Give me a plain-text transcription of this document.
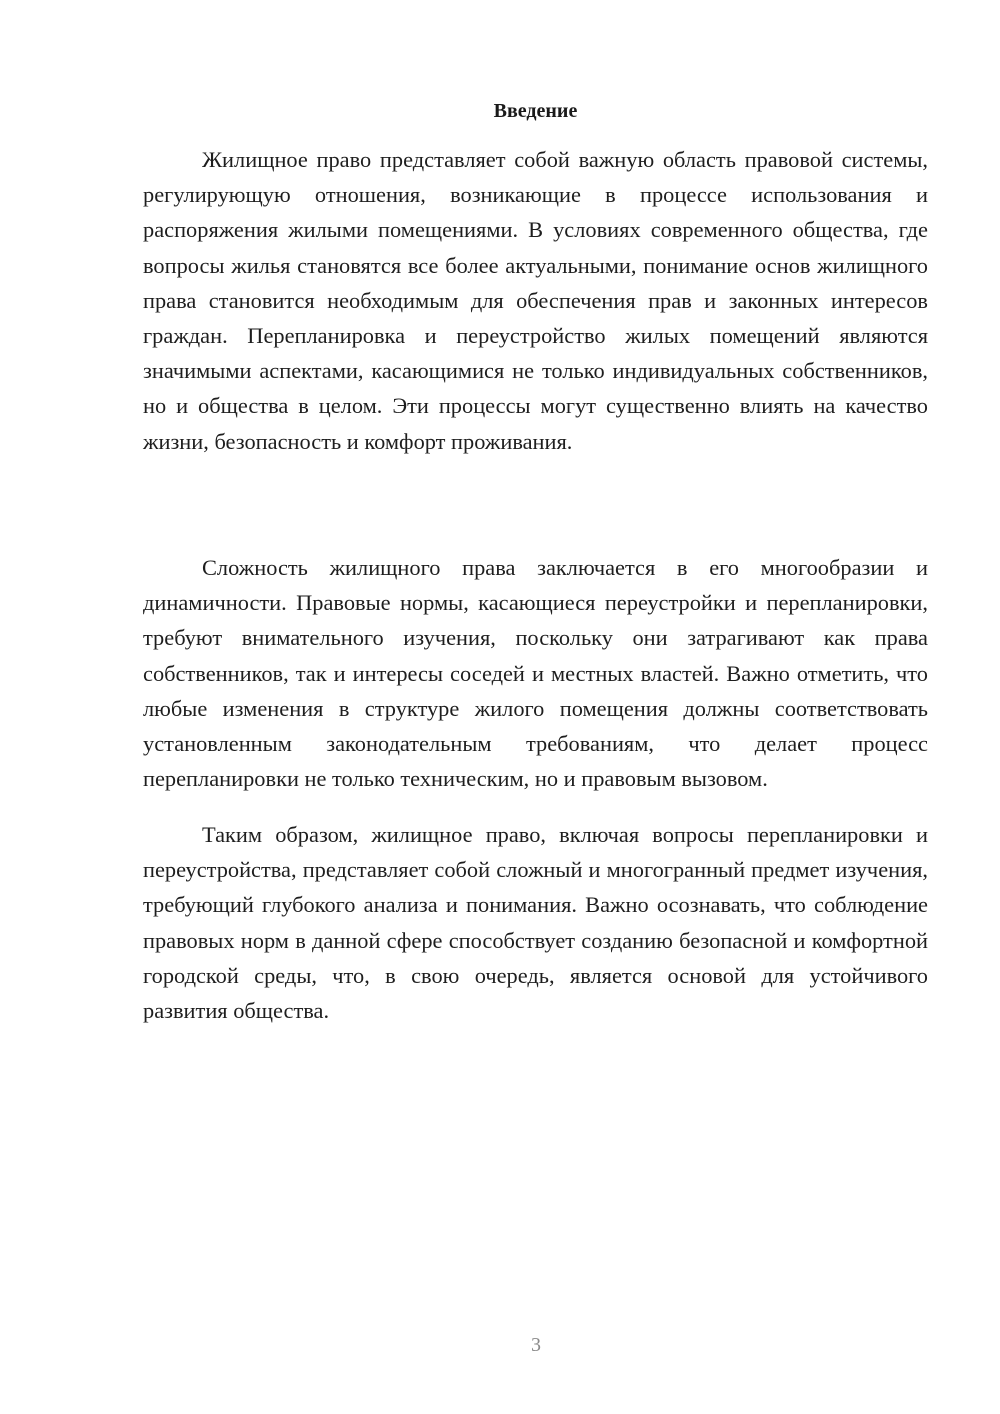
Введение

Жилищное право представляет собой важную область правовой системы, регулирующую отношения, возникающие в процессе использования и распоряжения жилыми помещениями. В условиях современного общества, где вопросы жилья становятся все более актуальными, понимание основ жилищного права становится необходимым для обеспечения прав и законных интересов граждан. Перепланировка и переустройство жилых помещений являются значимыми аспектами, касающимися не только индивидуальных собственников, но и общества в целом. Эти процессы могут существенно влиять на качество жизни, безопасность и комфорт проживания.

Сложность жилищного права заключается в его многообразии и динамичности. Правовые нормы, касающиеся переустройки и перепланировки, требуют внимательного изучения, поскольку они затрагивают как права собственников, так и интересы соседей и местных властей. Важно отметить, что любые изменения в структуре жилого помещения должны соответствовать установленным законодательным требованиям, что делает процесс перепланировки не только техническим, но и правовым вызовом.

Таким образом, жилищное право, включая вопросы перепланировки и переустройства, представляет собой сложный и многогранный предмет изучения, требующий глубокого анализа и понимания. Важно осознавать, что соблюдение правовых норм в данной сфере способствует созданию безопасной и комфортной городской среды, что, в свою очередь, является основой для устойчивого развития общества.

3
